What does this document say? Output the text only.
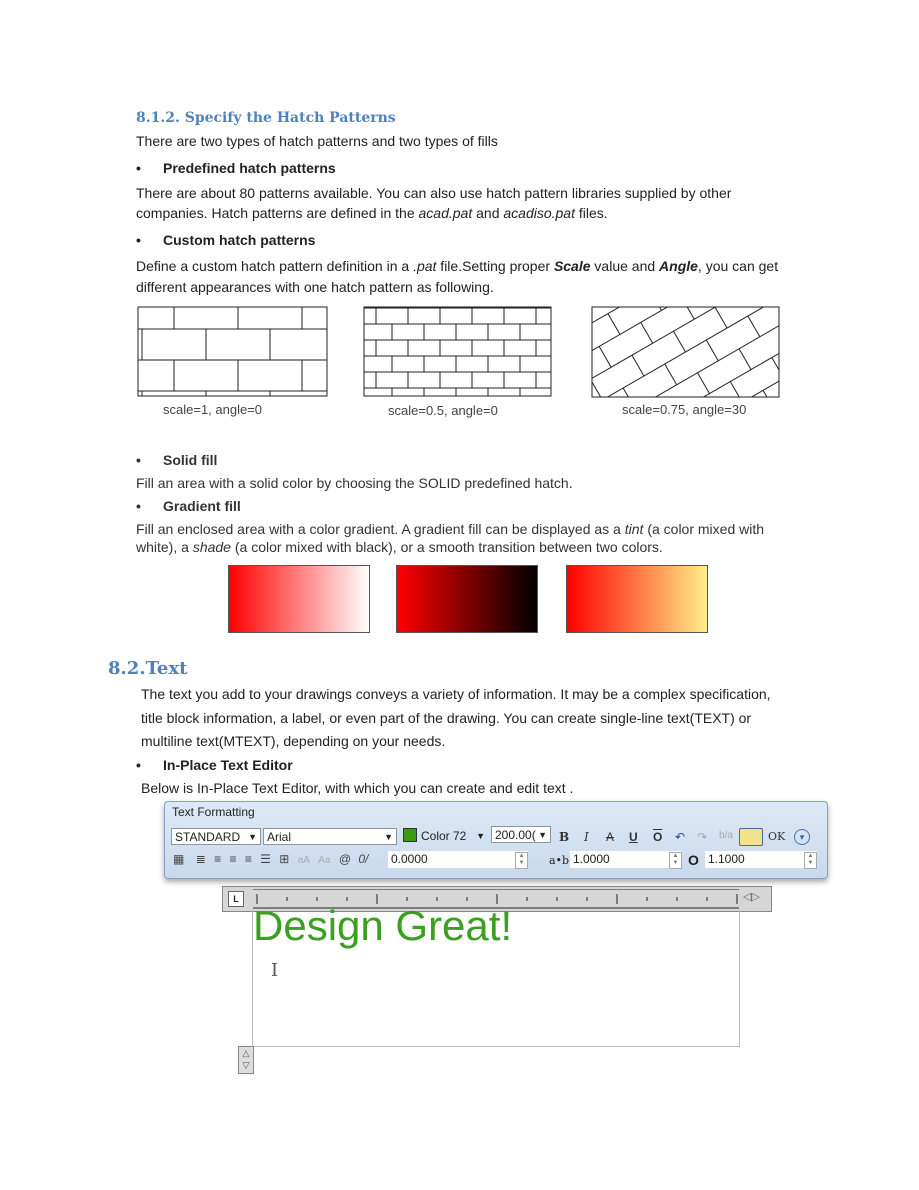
8.1.2. Specify the Hatch Patterns
There are two types of hatch patterns and two types of fills
• Predefined hatch patterns
There are about 80 patterns available. You can also use hatch pattern libraries supplied by other
companies. Hatch patterns are defined in the acad.pat and acadiso.pat files.
• Custom hatch patterns
Define a custom hatch pattern definition in a .pat file.Setting proper Scale value and Angle, you can get
different appearances with one hatch pattern as following.
scale=1, angle=0	scale=0.5, angle=0	scale=0.75, angle=30
• Solid fill
Fill an area with a solid color by choosing the SOLID predefined hatch.
• Gradient fill
Fill an enclosed area with a color gradient. A gradient fill can be displayed as a tint (a color mixed with
white), a shade (a color mixed with black), or a smooth transition between two colors.
8.2.Text
The text you add to your drawings conveys a variety of information. It may be a complex specification,
title block information, a label, or even part of the drawing. You can create single-line text(TEXT) or
multiline text(MTEXT), depending on your needs.
• In-Place Text Editor
Below is In-Place Text Editor, with which you can create and edit text .
Text Formatting
STANDARD ▼ Arial	▼	Color 72 ▼ 200.00( ▼ B I A U $\overline{O}$ ↶ ↷ b/a	OK	▾
▦ ≣ ≡ ≡ ≡ ☰ ⊞ aA Aa @ 0/ 0.0000	▲
▼	a•b 1.0000	▲
▼ O 1.1000	▲
▼
L	◁▷
Design Great!
I
△
▽
